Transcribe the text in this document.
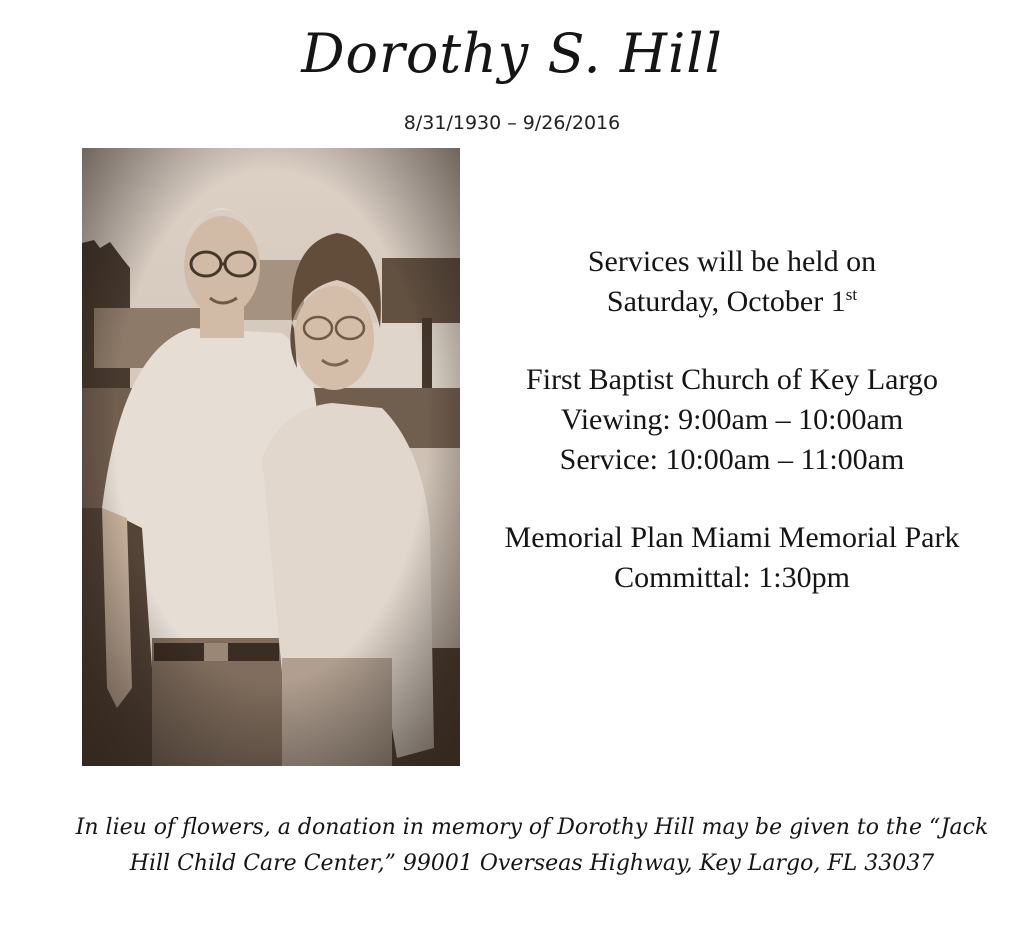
Dorothy S. Hill
8/31/1930 – 9/26/2016

Services will be held on

Saturday, October 1st

First Baptist Church of Key Largo

Viewing: 9:00am – 10:00am

Service: 10:00am – 11:00am

Memorial Plan Miami Memorial Park

Committal: 1:30pm

In lieu of flowers, a donation in memory of Dorothy Hill may be given to the “Jack
Hill Child Care Center,” 99001 Overseas Highway, Key Largo, FL 33037
